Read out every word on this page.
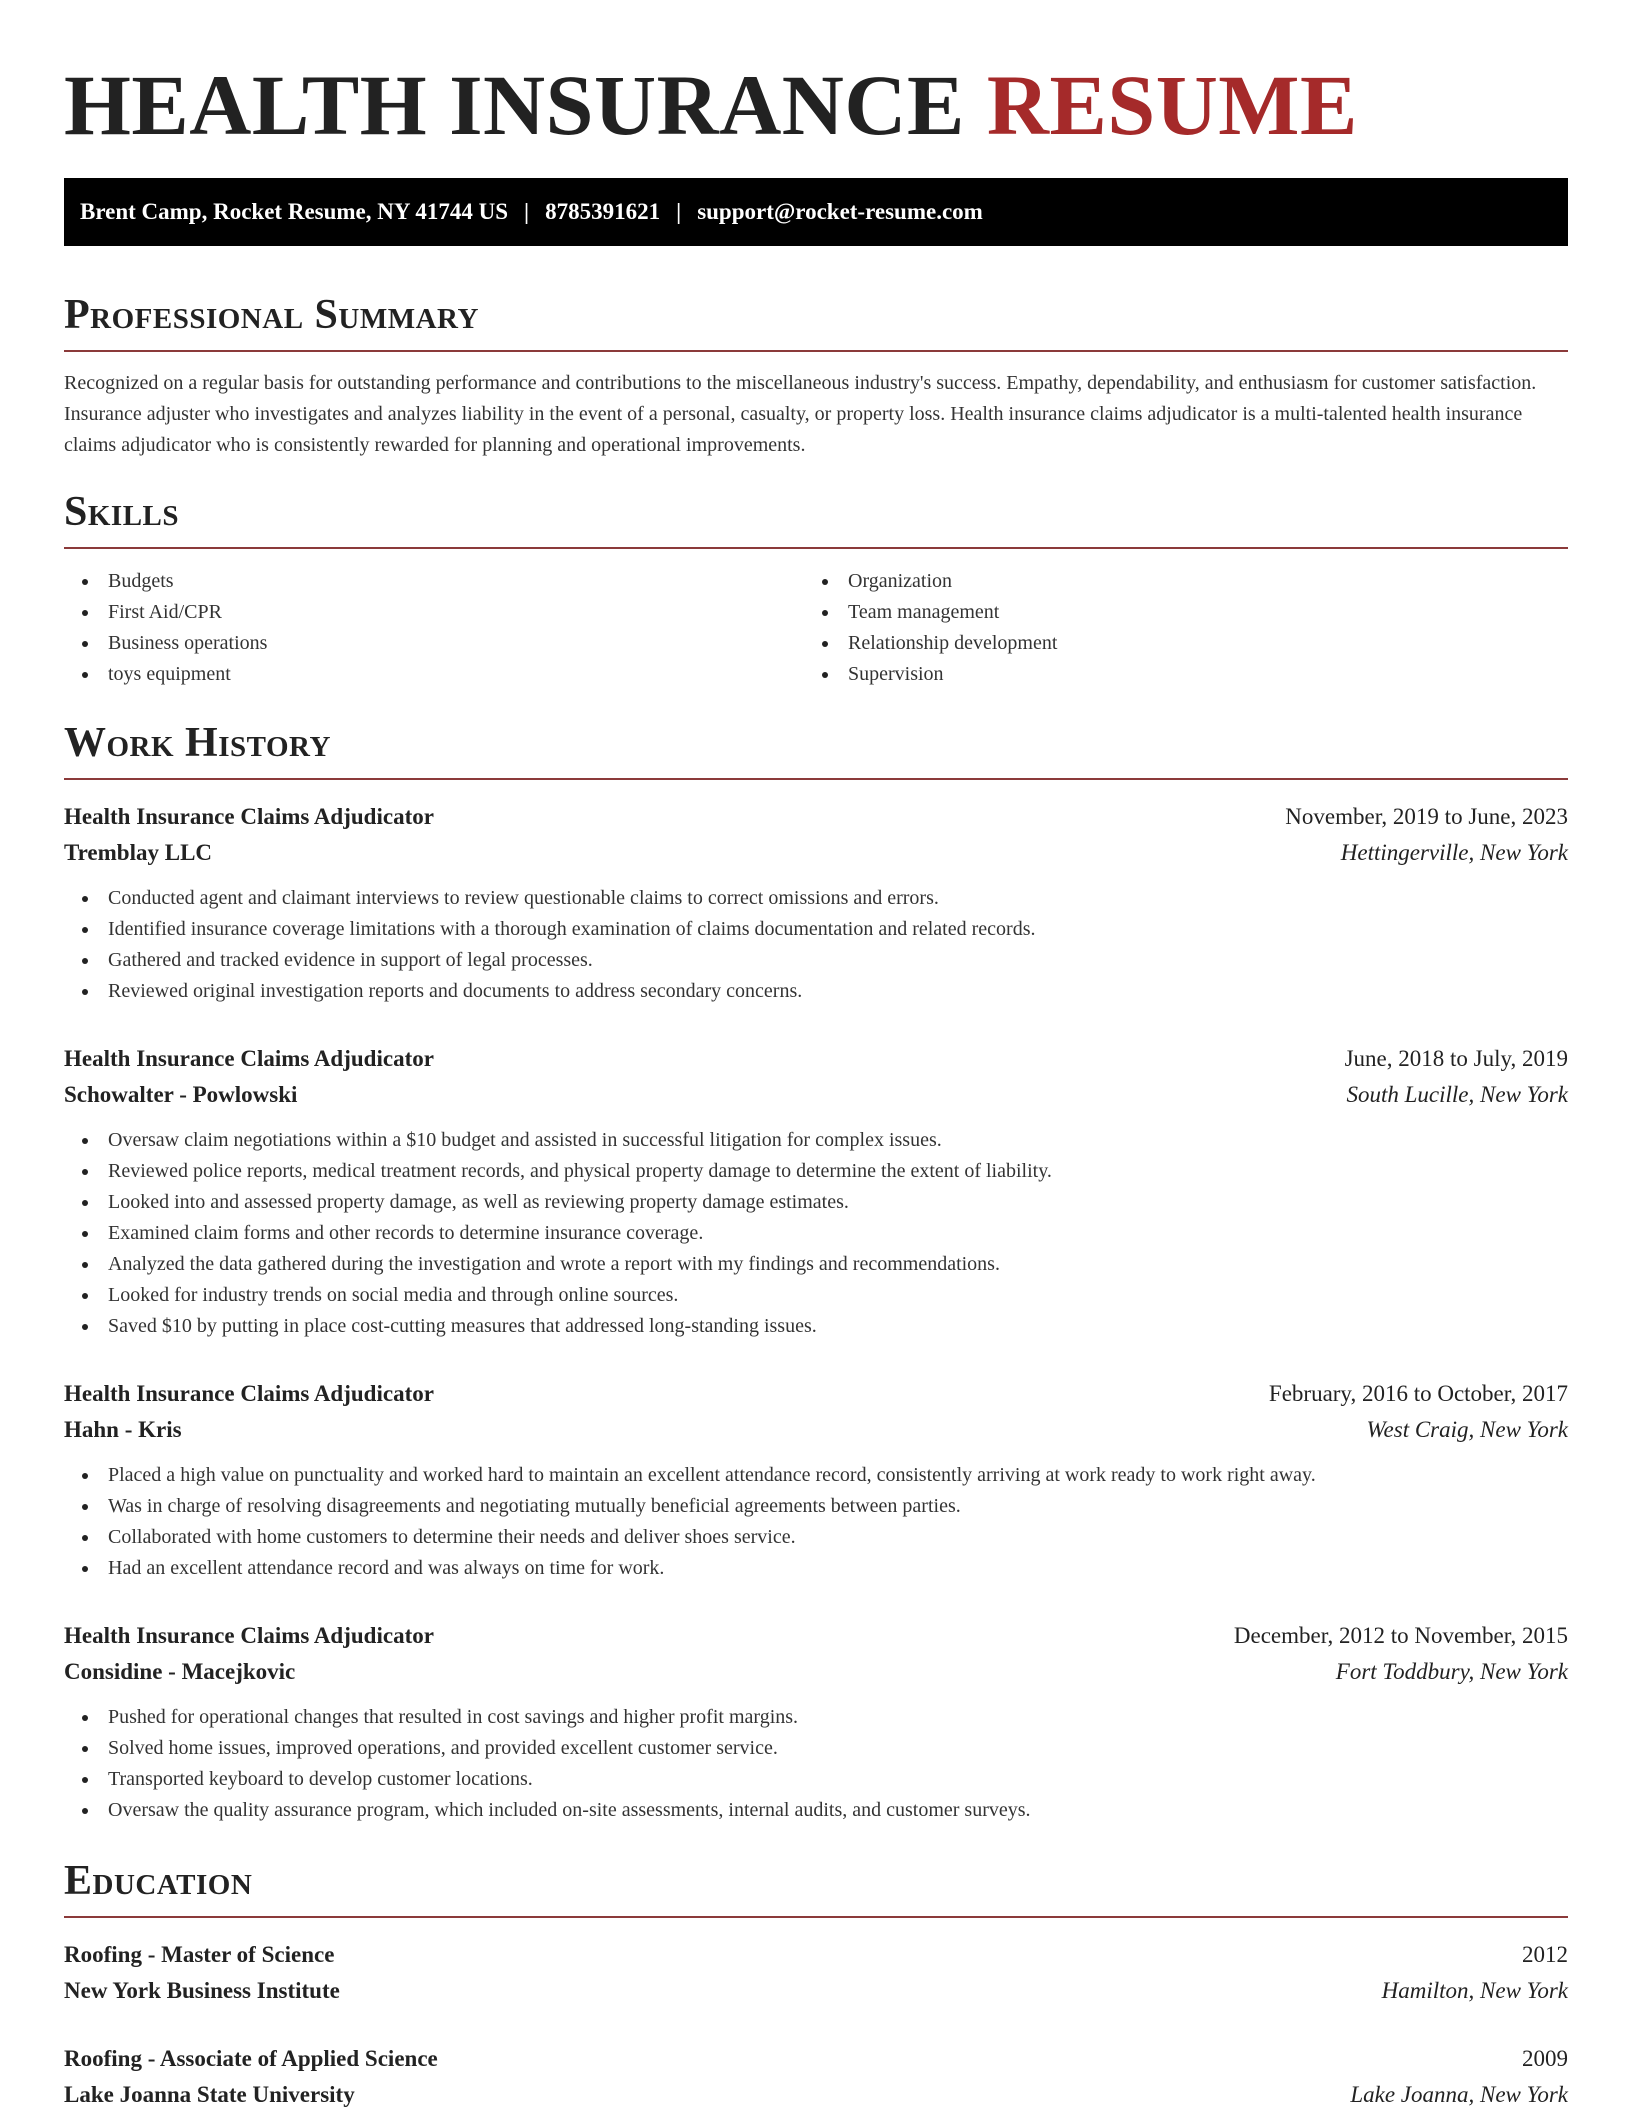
HEALTH INSURANCE RESUME
Brent Camp, Rocket Resume, NY 41744 US | 8785391621 | support@rocket-resume.com
Professional Summary

Recognized on a regular basis for outstanding performance and contributions to the miscellaneous industry's success. Empathy, dependability, and enthusiasm for customer satisfaction. Insurance adjuster who investigates and analyzes liability in the event of a personal, casualty, or property loss. Health insurance claims adjudicator is a multi-talented health insurance claims adjudicator who is consistently rewarded for planning and operational improvements.

Skills
Budgets
First Aid/CPR
Business operations
toys equipment
Organization
Team management
Relationship development
Supervision
Work History
Health Insurance Claims Adjudicator	November, 2019 to June, 2023
Tremblay LLC	Hettingerville, New York
Conducted agent and claimant interviews to review questionable claims to correct omissions and errors.
Identified insurance coverage limitations with a thorough examination of claims documentation and related records.
Gathered and tracked evidence in support of legal processes.
Reviewed original investigation reports and documents to address secondary concerns.
Health Insurance Claims Adjudicator	June, 2018 to July, 2019
Schowalter - Powlowski	South Lucille, New York
Oversaw claim negotiations within a $10 budget and assisted in successful litigation for complex issues.
Reviewed police reports, medical treatment records, and physical property damage to determine the extent of liability.
Looked into and assessed property damage, as well as reviewing property damage estimates.
Examined claim forms and other records to determine insurance coverage.
Analyzed the data gathered during the investigation and wrote a report with my findings and recommendations.
Looked for industry trends on social media and through online sources.
Saved $10 by putting in place cost-cutting measures that addressed long-standing issues.
Health Insurance Claims Adjudicator	February, 2016 to October, 2017
Hahn - Kris	West Craig, New York
Placed a high value on punctuality and worked hard to maintain an excellent attendance record, consistently arriving at work ready to work right away.
Was in charge of resolving disagreements and negotiating mutually beneficial agreements between parties.
Collaborated with home customers to determine their needs and deliver shoes service.
Had an excellent attendance record and was always on time for work.
Health Insurance Claims Adjudicator	December, 2012 to November, 2015
Considine - Macejkovic	Fort Toddbury, New York
Pushed for operational changes that resulted in cost savings and higher profit margins.
Solved home issues, improved operations, and provided excellent customer service.
Transported keyboard to develop customer locations.
Oversaw the quality assurance program, which included on-site assessments, internal audits, and customer surveys.
Education
Roofing - Master of Science	2012
New York Business Institute	Hamilton, New York
Roofing - Associate of Applied Science	2009
Lake Joanna State University	Lake Joanna, New York
